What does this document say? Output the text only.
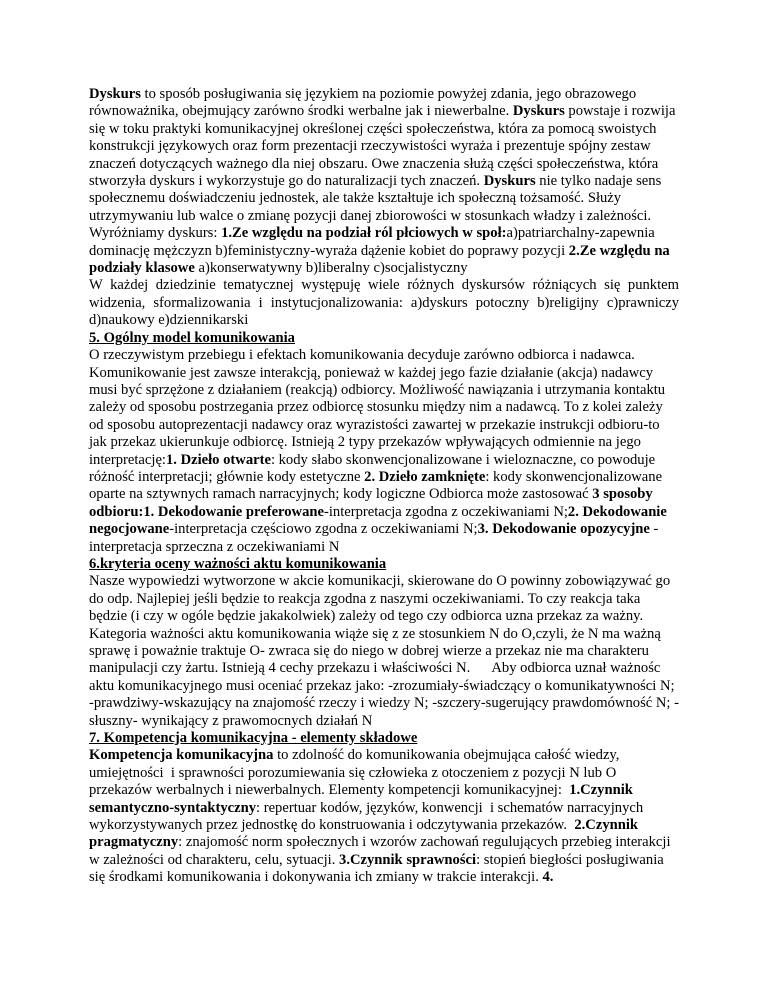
Dyskurs to sposób posługiwania się językiem na poziomie powyżej zdania, jego obrazowego równoważnika, obejmujący zarówno środki werbalne jak i niewerbalne. Dyskurs powstaje i rozwija się w toku praktyki komunikacyjnej określonej części społeczeństwa, która za pomocą swoistych konstrukcji językowych oraz form prezentacji rzeczywistości wyraża i prezentuje spójny zestaw znaczeń dotyczących ważnego dla niej obszaru. Owe znaczenia służą części społeczeństwa, która stworzyła dyskurs i wykorzystuje go do naturalizacji tych znaczeń. Dyskurs nie tylko nadaje sens społecznemu doświadczeniu jednostek, ale także kształtuje ich społeczną tożsamość. Służy utrzymywaniu lub walce o zmianę pozycji danej zbiorowości w stosunkach władzy i zależności.

Wyróżniamy dyskurs: 1.Ze względu na podział ról płciowych w społ:a)patriarchalny-zapewnia dominację mężczyzn b)feministyczny-wyraża dążenie kobiet do poprawy pozycji 2.Ze względu na podziały klasowe a)konserwatywny b)liberalny c)socjalistyczny

W każdej dziedzinie tematycznej występuję wiele różnych dyskursów różniących się punktem widzenia, sformalizowania i instytucjonalizowania: a)dyskurs potoczny b)religijny c)prawniczy d)naukowy e)dziennikarski

5. Ogólny model komunikowania

O rzeczywistym przebiegu i efektach komunikowania decyduje zarówno odbiorca i nadawca. Komunikowanie jest zawsze interakcją, ponieważ w każdej jego fazie działanie (akcja) nadawcy musi być sprzężone z działaniem (reakcją) odbiorcy. Możliwość nawiązania i utrzymania kontaktu zależy od sposobu postrzegania przez odbiorcę stosunku między nim a nadawcą. To z kolei zależy od sposobu autoprezentacji nadawcy oraz wyrazistości zawartej w przekazie instrukcji odbioru-to jak przekaz ukierunkuje odbiorcę. Istnieją 2 typy przekazów wpływających odmiennie na jego interpretację:1. Dzieło otwarte: kody słabo skonwencjonalizowane i wieloznaczne, co powoduje różność interpretacji; głównie kody estetyczne 2. Dzieło zamknięte: kody skonwencjonalizowane oparte na sztywnych ramach narracyjnych; kody logiczne Odbiorca może zastosować 3 sposoby odbioru:1. Dekodowanie preferowane-interpretacja zgodna z oczekiwaniami N;2. Dekodowanie negocjowane-interpretacja częściowo zgodna z oczekiwaniami N;3. Dekodowanie opozycyjne - interpretacja sprzeczna z oczekiwaniami N

6.kryteria oceny ważności aktu komunikowania

Nasze wypowiedzi wytworzone w akcie komunikacji, skierowane do O powinny zobowiązywać go do odp. Najlepiej jeśli będzie to reakcja zgodna z naszymi oczekiwaniami. To czy reakcja taka będzie (i czy w ogóle będzie jakakolwiek) zależy od tego czy odbiorca uzna przekaz za ważny. Kategoria ważności aktu komunikowania wiąże się z ze stosunkiem N do O,czyli, że N ma ważną sprawę i poważnie traktuje O- zwraca się do niego w dobrej wierze a przekaz nie ma charakteru manipulacji czy żartu. Istnieją 4 cechy przekazu i właściwości N.      Aby odbiorca uznał ważnośc aktu komunikacyjnego musi oceniać przekaz jako: -zrozumiały-świadczący o komunikatywności N; -prawdziwy-wskazujący na znajomość rzeczy i wiedzy N; -szczery-sugerujący prawdomówność N; -słuszny- wynikający z prawomocnych działań N

7. Kompetencja komunikacyjna - elementy składowe

Kompetencja komunikacyjna to zdolność do komunikowania obejmująca całość wiedzy, umiejętności  i sprawności porozumiewania się człowieka z otoczeniem z pozycji N lub O przekazów werbalnych i niewerbalnych. Elementy kompetencji komunikacyjnej:  1.Czynnik semantyczno-syntaktyczny: repertuar kodów, języków, konwencji  i schematów narracyjnych wykorzystywanych przez jednostkę do konstruowania i odczytywania przekazów.  2.Czynnik pragmatyczny: znajomość norm społecznych i wzorów zachowań regulujących przebieg interakcji w zależności od charakteru, celu, sytuacji. 3.Czynnik sprawności: stopień biegłości posługiwania się środkami komunikowania i dokonywania ich zmiany w trakcie interakcji. 4.
